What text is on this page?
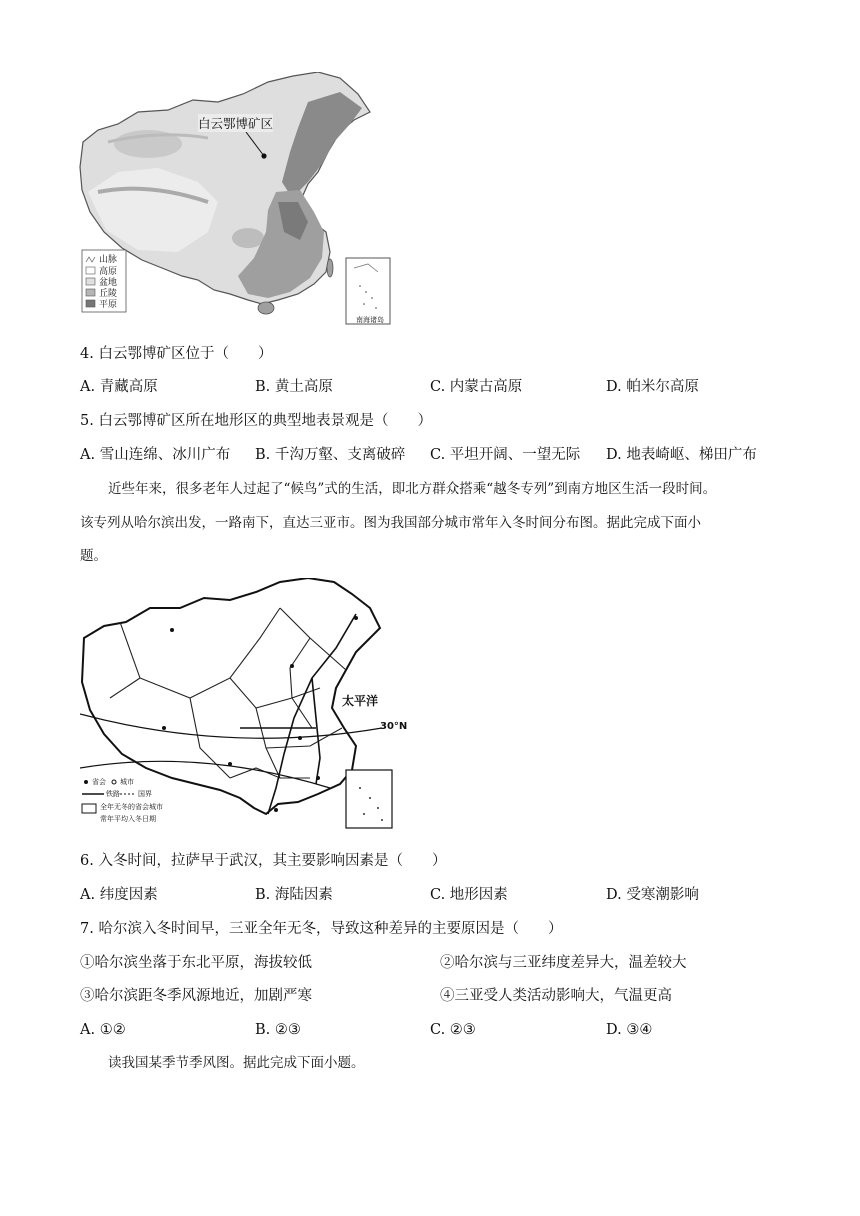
白云鄂博矿区
山脉
高原
盆地
丘陵
平原
南海诸岛
4. 白云鄂博矿区位于（　　）
A. 青藏高原	B. 黄土高原	C. 内蒙古高原	D. 帕米尔高原
5. 白云鄂博矿区所在地形区的典型地表景观是（　　）
A. 雪山连绵、冰川广布 B. 千沟万壑、支离破碎 C. 平坦开阔、一望无际 D. 地表崎岖、梯田广布
近些年来，很多老年人过起了“候鸟”式的生活，即北方群众搭乘“越冬专列”到南方地区生活一段时间。
该专列从哈尔滨出发，一路南下，直达三亚市。图为我国部分城市常年入冬时间分布图。据此完成下面小
题。
太平洋
30°N
省会 城市
铁路	国界
全年无冬的省会城市
常年平均入冬日期
6. 入冬时间，拉萨早于武汉，其主要影响因素是（　　）
A. 纬度因素	B. 海陆因素	C. 地形因素	D. 受寒潮影响
7. 哈尔滨入冬时间早，三亚全年无冬，导致这种差异的主要原因是（　　）
①哈尔滨坐落于东北平原，海拔较低	②哈尔滨与三亚纬度差异大，温差较大
③哈尔滨距冬季风源地近，加剧严寒	④三亚受人类活动影响大，气温更高
A. ①②	B. ②③	C. ②③	D. ③④
读我国某季节季风图。据此完成下面小题。
